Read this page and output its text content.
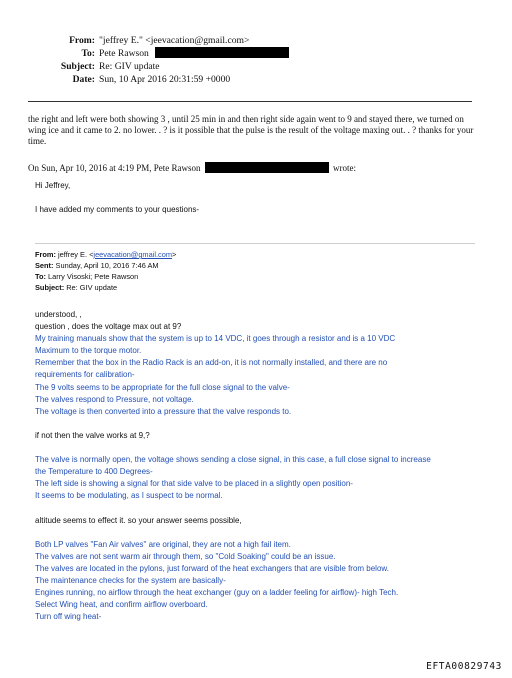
From: "jeffrey E." <jeevacation@gmail.com>
To: Pete Rawson
Subject: Re: GIV update
Date: Sun, 10 Apr 2016 20:31:59 +0000
the right and left were both showing 3 , until 25 min in and then right side again went to 9 and stayed there, we turned on wing ice and it came to 2. no lower. . ? is it possible that the pulse is the result of the voltage maxing out. . ? thanks for your time.
On Sun, Apr 10, 2016 at 4:19 PM, Pete Rawson	wrote:
Hi Jeffrey,
I have added my comments to your questions-
From: jeffrey E. <jeevacation@gmail.com>
Sent: Sunday, April 10, 2016 7:46 AM
To: Larry Visoski; Pete Rawson
Subject: Re: GIV update
understood, ,
question , does the voltage max out at 9?
My training manuals show that the system is up to 14 VDC, it goes through a resistor and is a 10 VDC
Maximum to the torque motor.
Remember that the box in the Radio Rack is an add-on, it is not normally installed, and there are no
requirements for calibration-
The 9 volts seems to be appropriate for the full close signal to the valve-
The valves respond to Pressure, not voltage.
The voltage is then converted into a pressure that the valve responds to.
if not then the valve works at 9,?
The valve is normally open, the voltage shows sending a close signal, in this case, a full close signal to increase
the Temperature to 400 Degrees-
The left side is showing a signal for that side valve to be placed in a slightly open position-
It seems to be modulating, as I suspect to be normal.
altitude seems to effect it. so your answer seems possible,
Both LP valves "Fan Air valves" are original, they are not a high fail item.
The valves are not sent warm air through them, so "Cold Soaking" could be an issue.
The valves are located in the pylons, just forward of the heat exchangers that are visible from below.
The maintenance checks for the system are basically-
Engines running, no airflow through the heat exchanger (guy on a ladder feeling for airflow)- high Tech.
Select Wing heat, and confirm airflow overboard.
Turn off wing heat-
EFTA00829743
